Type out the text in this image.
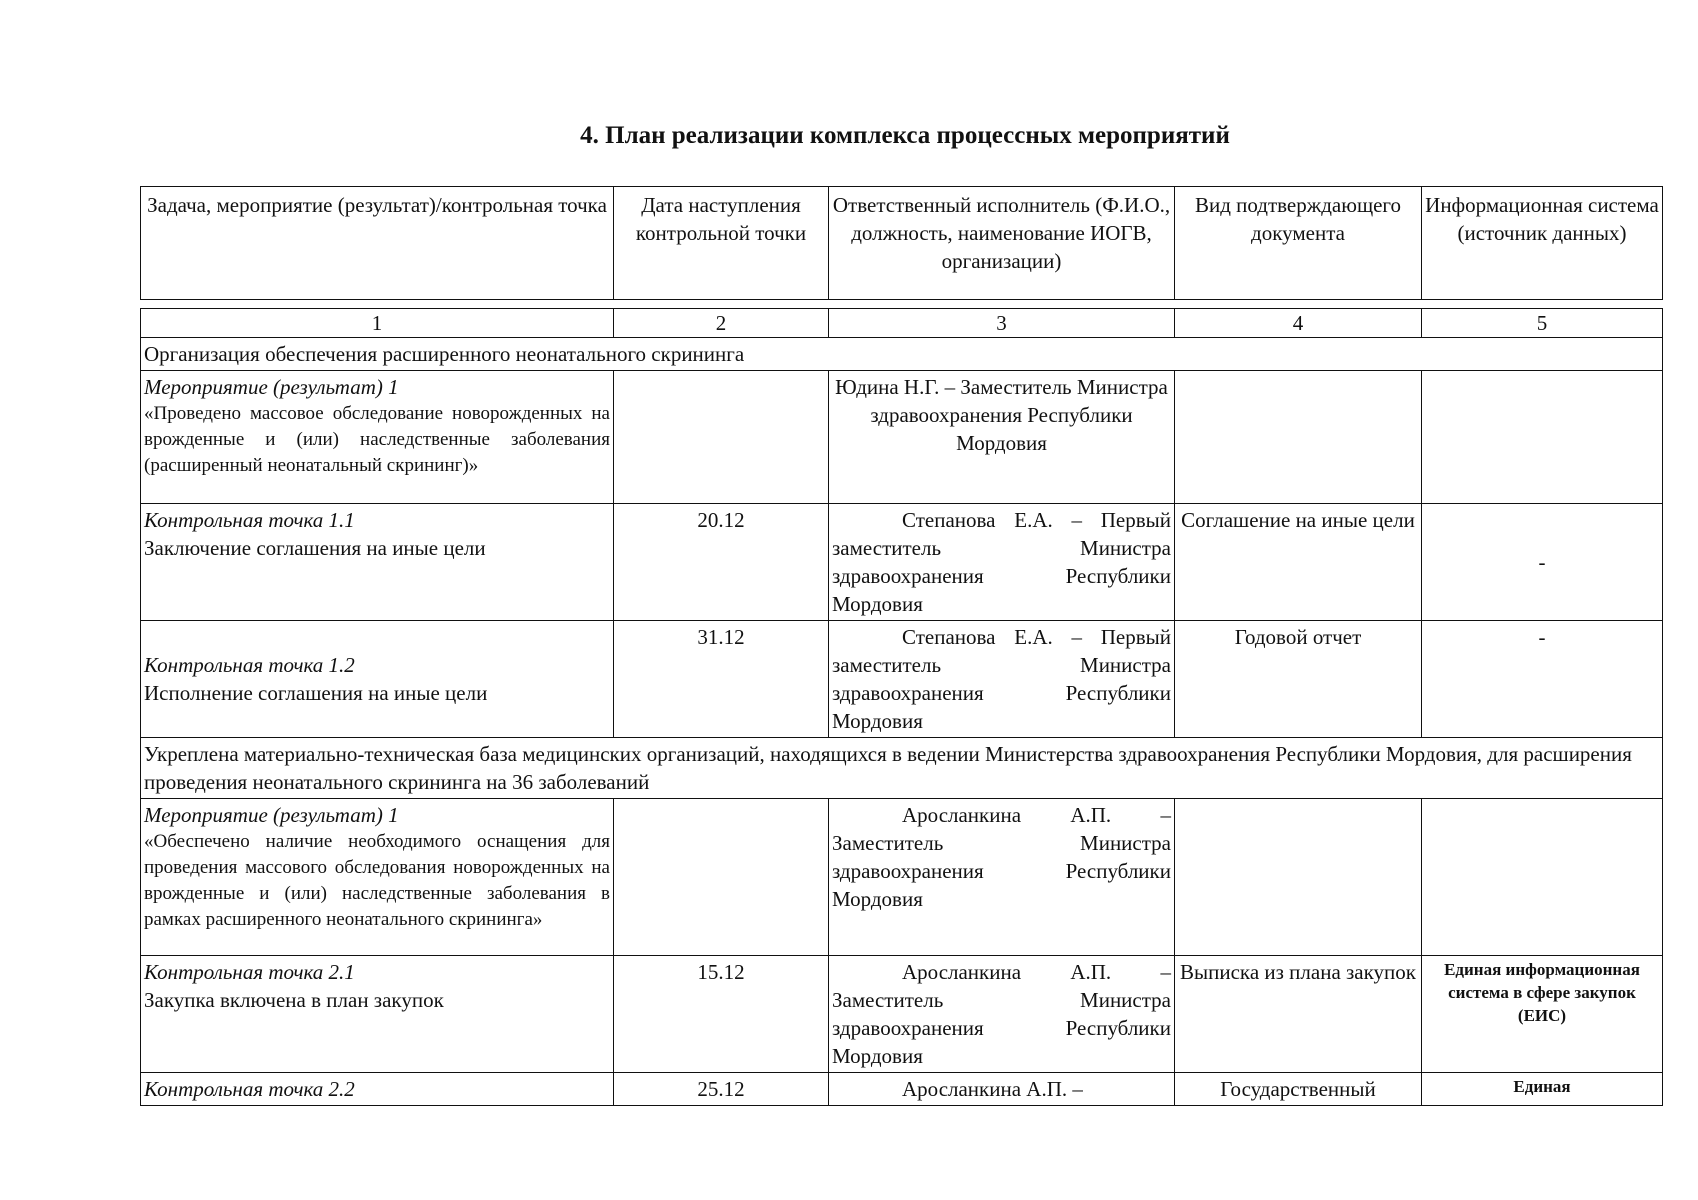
4. План реализации комплекса процессных мероприятий
Задача, мероприятие (результат)/контрольная точка	Дата наступления контрольной точки	Ответственный исполнитель (Ф.И.О., должность, наименование ИОГВ, организации)	Вид подтверждающего документа	Информационная система (источник данных)
1	2	3	4	5
Организация обеспечения расширенного неонатального скрининга				

Мероприятие (результат) 1
«Проведено массовое обследование новорожденных на врожденные и (или) наследственные заболевания (расширенный неонатальный скрининг)»		Юдина Н.Г. – Заместитель Министра здравоохранения Республики Мордовия		

Контрольная точка 1.1
Заключение соглашения на иные цели	20.12	Степанова Е.А. – Первый заместитель Министра здравоохранения Республики Мордовия	Соглашение на иные цели	-

Контрольная точка 1.2
Исполнение соглашения на иные цели	31.12	Степанова Е.А. – Первый заместитель Министра здравоохранения Республики Мордовия	Годовой отчет	-
Укреплена материально-техническая база медицинских организаций, находящихся в ведении Министерства здравоохранения Республики Мордовия, для расширения проведения неонатального скрининга на 36 заболеваний				

Мероприятие (результат) 1
«Обеспечено наличие необходимого оснащения для проведения массового обследования новорожденных на врожденные и (или) наследственные заболевания в рамках расширенного неонатального скрининга»		Аросланкина А.П. – Заместитель Министра здравоохранения Республики Мордовия		

Контрольная точка 2.1
Закупка включена в план закупок	15.12	Аросланкина А.П. – Заместитель Министра здравоохранения Республики Мордовия	Выписка из плана закупок	Единая информационная система в сфере закупок (ЕИС)

Контрольная точка 2.2	25.12	Аросланкина А.П. –	Государственный	Единая
